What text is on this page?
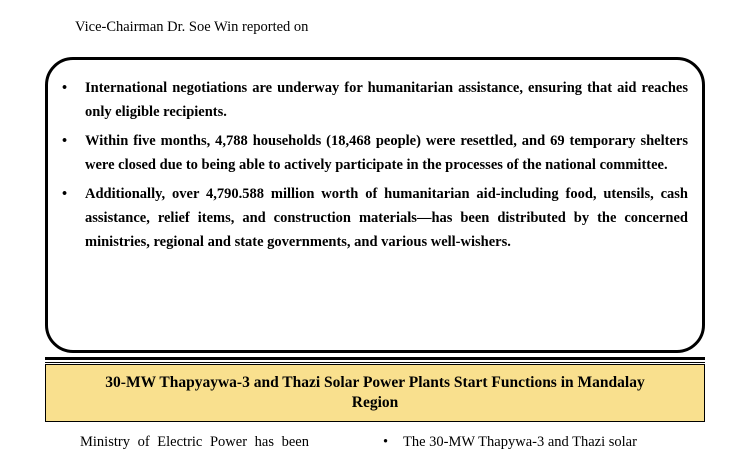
Vice-Chairman Dr. Soe Win reported on
• International negotiations are underway for humanitarian assistance, ensuring that aid reaches only eligible recipients.
• Within five months, 4,788 households (18,468 people) were resettled, and 69 temporary shelters were closed due to being able to actively participate in the processes of the national committee.
• Additionally, over 4,790.588 million worth of humanitarian aid-including food, utensils, cash assistance, relief items, and construction materials—has been distributed by the concerned ministries, regional and state governments, and various well-wishers.
30-MW Thapyaywa-3 and Thazi Solar Power Plants Start Functions in Mandalay Region
Ministry of Electric Power has been	• The 30-MW Thapywa-3 and Thazi solar
